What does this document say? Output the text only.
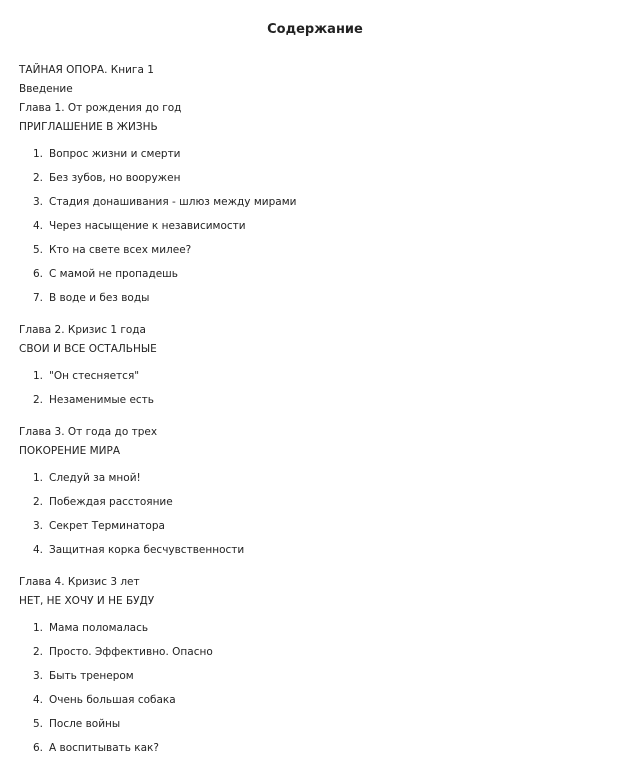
Содержание
ТАЙНАЯ ОПОРА. Книга 1
Введение
Глава 1. От рождения до год
ПРИГЛАШЕНИЕ В ЖИЗНЬ
1. Вопрос жизни и смерти
2. Без зубов, но вооружен
3. Стадия донашивания - шлюз между мирами
4. Через насыщение к независимости
5. Кто на свете всех милее?
6. С мамой не пропадешь
7. В воде и без воды
Глава 2. Кризис 1 года
СВОИ И ВСЕ ОСТАЛЬНЫЕ
1. "Он стесняется"
2. Незаменимые есть
Глава 3. От года до трех
ПОКОРЕНИЕ МИРА
1. Следуй за мной!
2. Побеждая расстояние
3. Секрет Терминатора
4. Защитная корка бесчувственности
Глава 4. Кризис 3 лет
НЕТ, НЕ ХОЧУ И НЕ БУДУ
1. Мама поломалась
2. Просто. Эффективно. Опасно
3. Быть тренером
4. Очень большая собака
5. После войны
6. А воспитывать как?
